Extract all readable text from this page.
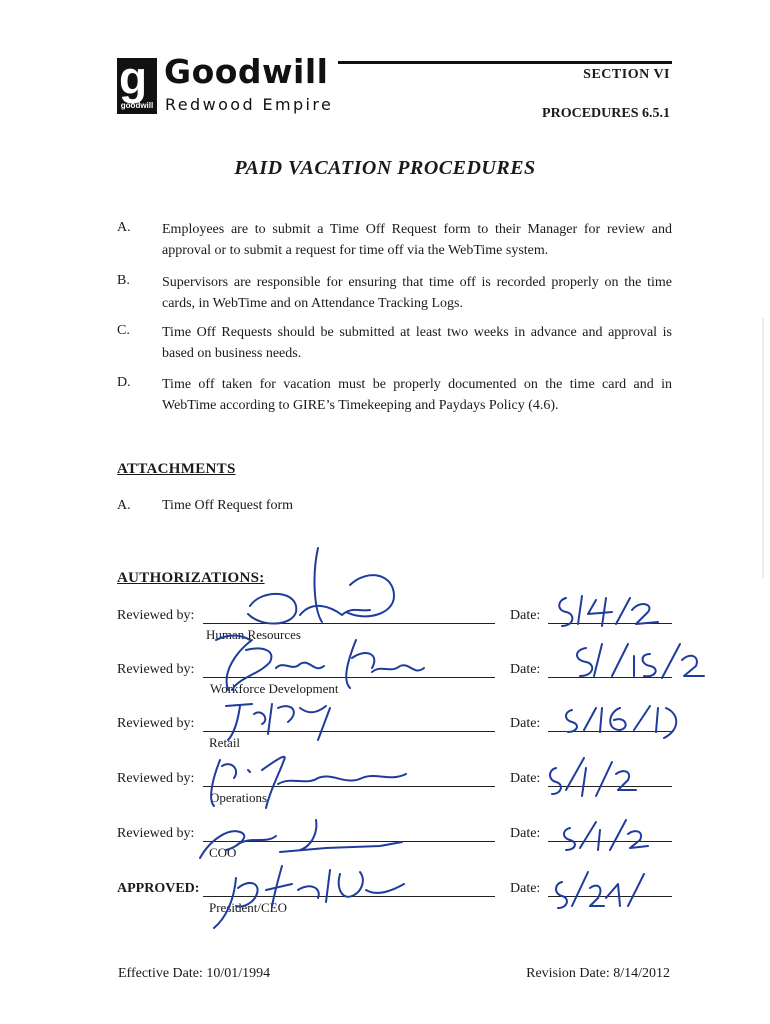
g
goodwill
Goodwill
Redwood Empire
SECTION VI
PROCEDURES 6.5.1
PAID VACATION PROCEDURES
A. Employees are to submit a Time Off Request form to their Manager for review and approval or to submit a request for time off via the WebTime system.
B. Supervisors are responsible for ensuring that time off is recorded properly on the time cards, in WebTime and on Attendance Tracking Logs.
C. Time Off Requests should be submitted at least two weeks in advance and approval is based on business needs.
D. Time off taken for vacation must be properly documented on the time card and in WebTime according to GIRE’s Timekeeping and Paydays Policy (4.6).
ATTACHMENTS
A. Time Off Request form
AUTHORIZATIONS:
Reviewed by:
Human Resources
Date:
Reviewed by:
Workforce Development
Date:
Reviewed by:
Retail
Date:
Reviewed by:
Operations
Date:
Reviewed by:
COO
Date:
APPROVED:
President/CEO
Date:
Effective Date: 10/01/1994	Revision Date: 8/14/2012
